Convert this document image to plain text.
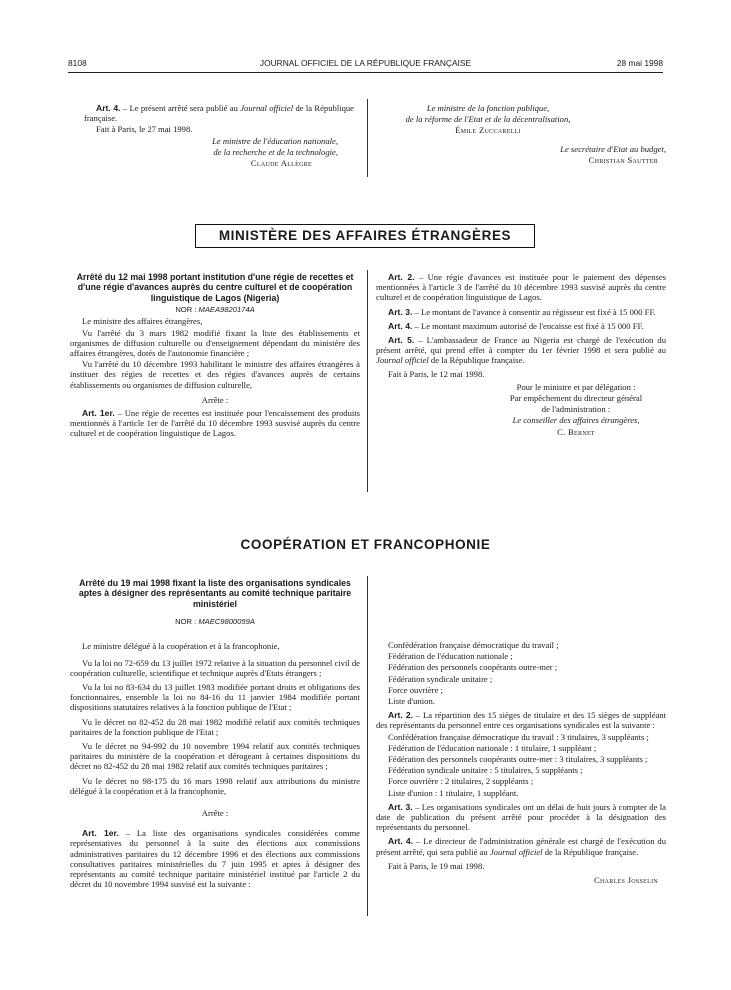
8108	JOURNAL OFFICIEL DE LA RÉPUBLIQUE FRANÇAISE	28 mai 1998

Art. 4. – Le présent arrêté sera publié au Journal officiel de la République française.

Fait à Paris, le 27 mai 1998.

Le ministre de l'éducation nationale,

de la recherche et de la technologie,

Claude Allègre

Le ministre de la fonction publique,

de la réforme de l'Etat et de la décentralisation,

Émile Zuccarelli

Le secrétaire d'Etat au budget,

Christian Sautter

MINISTÈRE DES AFFAIRES ÉTRANGÈRES

Arrêté du 12 mai 1998 portant institution d'une régie de recettes et d'une régie d'avances auprès du centre culturel et de coopération linguistique de Lagos (Nigeria)

NOR : MAEA9820174A

Le ministre des affaires étrangères,

Vu l'arrêté du 3 mars 1982 modifié fixant la liste des établissements et organismes de diffusion culturelle ou d'enseignement dépendant du ministère des affaires étrangères, dotés de l'autonomie financière ;

Vu l'arrêté du 10 décembre 1993 habilitant le ministre des affaires étrangères à instituer des régies de recettes et des régies d'avances auprès de certains établissements ou organismes de diffusion culturelle,

Arrête :

Art. 1er. – Une régie de recettes est instituée pour l'encaissement des produits mentionnés à l'article 1er de l'arrêté du 10 décembre 1993 susvisé auprès du centre culturel et de coopération linguistique de Lagos.

Art. 2. – Une régie d'avances est instituée pour le paiement des dépenses mentionnées à l'article 3 de l'arrêté du 10 décembre 1993 susvisé auprès du centre culturel et de coopération linguistique de Lagos.

Art. 3. – Le montant de l'avance à consentir au régisseur est fixé à 15 000 FF.

Art. 4. – Le montant maximum autorisé de l'encaisse est fixé à 15 000 FF.

Art. 5. – L'ambassadeur de France au Nigeria est chargé de l'exécution du présent arrêté, qui prend effet à compter du 1er février 1998 et sera publié au Journal officiel de la République française.

Fait à Paris, le 12 mai 1998.

Pour le ministre et par délégation :

Par empêchement du directeur général

de l'administration :

Le conseiller des affaires étrangères,

C. Bernet

COOPÉRATION ET FRANCOPHONIE

Arrêté du 19 mai 1998 fixant la liste des organisations syndicales aptes à désigner des représentants au comité technique paritaire ministériel

NOR : MAEC9800059A

Le ministre délégué à la coopération et à la francophonie,

Vu la loi no 72-659 du 13 juillet 1972 relative à la situation du personnel civil de coopération culturelle, scientifique et technique auprès d'Etats étrangers ;

Vu la loi no 83-634 du 13 juillet 1983 modifiée portant droits et obligations des fonctionnaires, ensemble la loi no 84-16 du 11 janvier 1984 modifiée portant dispositions statutaires relatives à la fonction publique de l'Etat ;

Vu le décret no 82-452 du 28 mai 1982 modifié relatif aux comités techniques paritaires de la fonction publique de l'Etat ;

Vu le décret no 94-992 du 10 novembre 1994 relatif aux comités techniques paritaires du ministère de la coopération et dérogeant à certaines dispositions du décret no 82-452 du 28 mai 1982 relatif aux comités techniques paritaires ;

Vu le décret no 98-175 du 16 mars 1998 relatif aux attributions du ministre délégué à la coopération et à la francophonie,

Arrête :

Art. 1er. – La liste des organisations syndicales considérées comme représentatives du personnel à la suite des élections aux commissions administratives paritaires du 12 décembre 1996 et des élections aux commissions consultatives paritaires ministérielles du 7 juin 1995 et aptes à désigner des représentants au comité technique paritaire ministériel institué par l'article 2 du décret du 10 novembre 1994 susvisé est la suivante :

Confédération française démocratique du travail ;

Fédération de l'éducation nationale ;

Fédération des personnels coopérants outre-mer ;

Fédération syndicale unitaire ;

Force ouvrière ;

Liste d'union.

Art. 2. – La répartition des 15 sièges de titulaire et des 15 sièges de suppléant des représentants du personnel entre ces organisations syndicales est la suivante :

Confédération française démocratique du travail : 3 titulaires, 3 suppléants ;

Fédération de l'éducation nationale : 1 titulaire, 1 suppléant ;

Fédération des personnels coopérants outre-mer : 3 titulaires, 3 suppléants ;

Fédération syndicale unitaire : 5 titulaires, 5 suppléants ;

Force ouvrière : 2 titulaires, 2 suppléants ;

Liste d'union : 1 titulaire, 1 suppléant.

Art. 3. – Les organisations syndicales ont un délai de huit jours à compter de la date de publication du présent arrêté pour procéder à la désignation des représentants du personnel.

Art. 4. – Le directeur de l'administration générale est chargé de l'exécution du présent arrêté, qui sera publié au Journal officiel de la République française.

Fait à Paris, le 19 mai 1998.

Charles Josselin
